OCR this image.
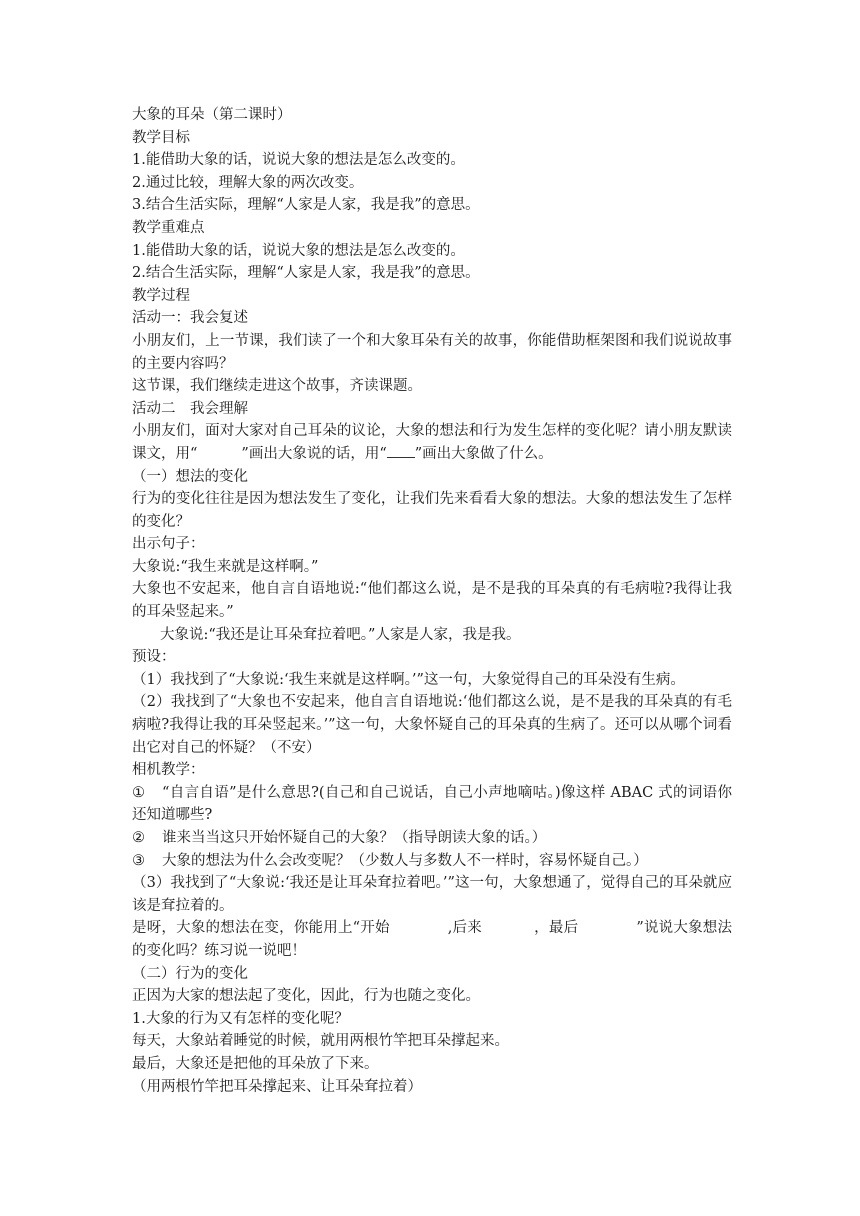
大象的耳朵（第二课时）

教学目标

1.能借助大象的话，说说大象的想法是怎么改变的。

2.通过比较，理解大象的两次改变。

3.结合生活实际，理解“人家是人家，我是我”的意思。

教学重难点

1.能借助大象的话，说说大象的想法是怎么改变的。

2.结合生活实际，理解“人家是人家，我是我”的意思。

教学过程

活动一：我会复述

小朋友们，上一节课，我们读了一个和大象耳朵有关的故事，你能借助框架图和我们说说故事的主要内容吗？

这节课，我们继续走进这个故事，齐读课题。

活动二　我会理解

小朋友们，面对大家对自己耳朵的议论，大象的想法和行为发生怎样的变化呢？请小朋友默读课文，用“	”画出大象说的话，用“ ”画出大象做了什么。

（一）想法的变化

行为的变化往往是因为想法发生了变化，让我们先来看看大象的想法。大象的想法发生了怎样的变化？

出示句子：

大象说:“我生来就是这样啊。”

大象也不安起来，他自言自语地说:“他们都这么说，是不是我的耳朵真的有毛病啦?我得让我的耳朵竖起来。”

大象说:“我还是让耳朵耷拉着吧。”人家是人家，我是我。

预设：

（1）我找到了“大象说:‘我生来就是这样啊。’”这一句，大象觉得自己的耳朵没有生病。

（2）我找到了“大象也不安起来，他自言自语地说:‘他们都这么说，是不是我的耳朵真的有毛病啦?我得让我的耳朵竖起来。’”这一句，大象怀疑自己的耳朵真的生病了。还可以从哪个词看出它对自己的怀疑？（不安）

相机教学：

① “自言自语”是什么意思?(自己和自己说话，自己小声地嘀咕。)像这样 ABAC 式的词语你还知道哪些?

② 谁来当当这只开始怀疑自己的大象？（指导朗读大象的话。）

③ 大象的想法为什么会改变呢？（少数人与多数人不一样时，容易怀疑自己。）

（3）我找到了“大象说:‘我还是让耳朵耷拉着吧。’”这一句，大象想通了，觉得自己的耳朵就应该是耷拉着的。

是呀，大象的想法在变，你能用上“开始	,后来	，最后	”说说大象想法的变化吗？练习说一说吧！

（二）行为的变化

正因为大家的想法起了变化，因此，行为也随之变化。

1.大象的行为又有怎样的变化呢？

每天，大象站着睡觉的时候，就用两根竹竿把耳朵撑起来。

最后，大象还是把他的耳朵放了下来。

（用两根竹竿把耳朵撑起来、让耳朵耷拉着）
